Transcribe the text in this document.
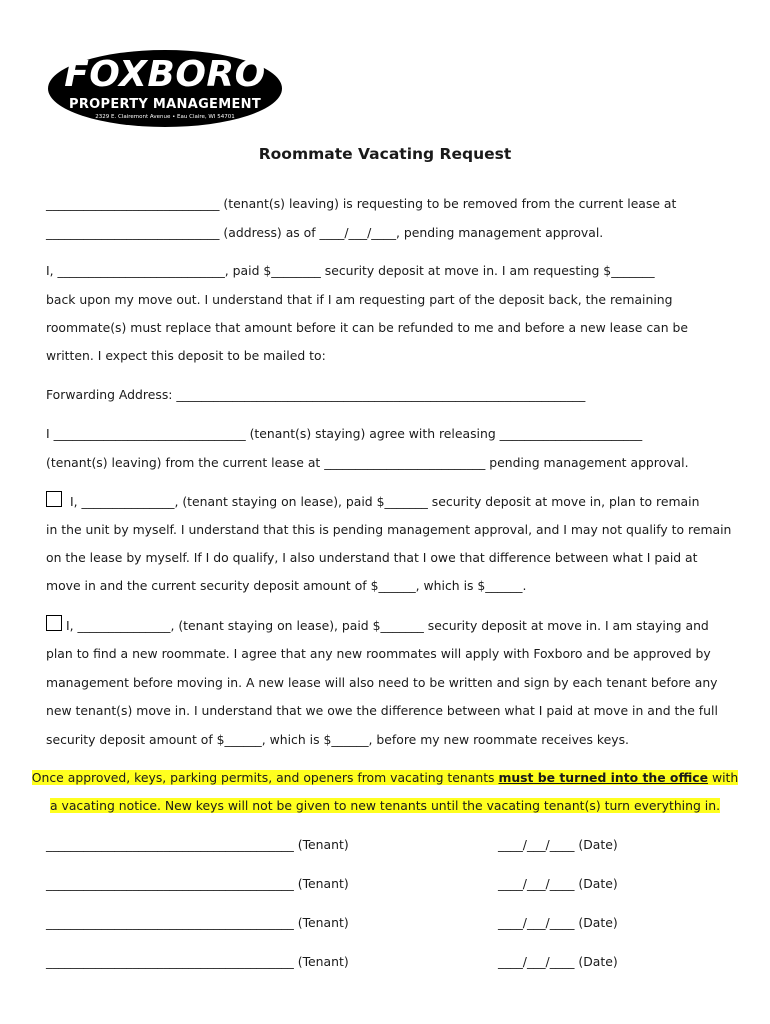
FOXBORO
PROPERTY MANAGEMENT
2329 E. Clairemont Avenue • Eau Claire, WI 54701
Roommate Vacating Request
____________________________ (tenant(s) leaving) is requesting to be removed from the current lease at
____________________________ (address) as of ____/___/____, pending management approval.
I, ___________________________, paid $________ security deposit at move in. I am requesting $_______
back upon my move out. I understand that if I am requesting part of the deposit back, the remaining
roommate(s) must replace that amount before it can be refunded to me and before a new lease can be
written. I expect this deposit to be mailed to:
Forwarding Address: __________________________________________________________________
I _______________________________ (tenant(s) staying) agree with releasing _______________________
(tenant(s) leaving) from the current lease at __________________________ pending management approval.
I, _______________, (tenant staying on lease), paid $_______ security deposit at move in, plan to remain
in the unit by myself. I understand that this is pending management approval, and I may not qualify to remain
on the lease by myself. If I do qualify, I also understand that I owe that difference between what I paid at
move in and the current security deposit amount of $______, which is $______.
I, _______________, (tenant staying on lease), paid $_______ security deposit at move in. I am staying and
plan to find a new roommate. I agree that any new roommates will apply with Foxboro and be approved by
management before moving in. A new lease will also need to be written and sign by each tenant before any
new tenant(s) move in. I understand that we owe the difference between what I paid at move in and the full
security deposit amount of $______, which is $______, before my new roommate receives keys.
Once approved, keys, parking permits, and openers from vacating tenants must be turned into the office with
a vacating notice. New keys will not be given to new tenants until the vacating tenant(s) turn everything in.
________________________________________ (Tenant)	____/___/____ (Date)
________________________________________ (Tenant)	____/___/____ (Date)
________________________________________ (Tenant)	____/___/____ (Date)
________________________________________ (Tenant)	____/___/____ (Date)
